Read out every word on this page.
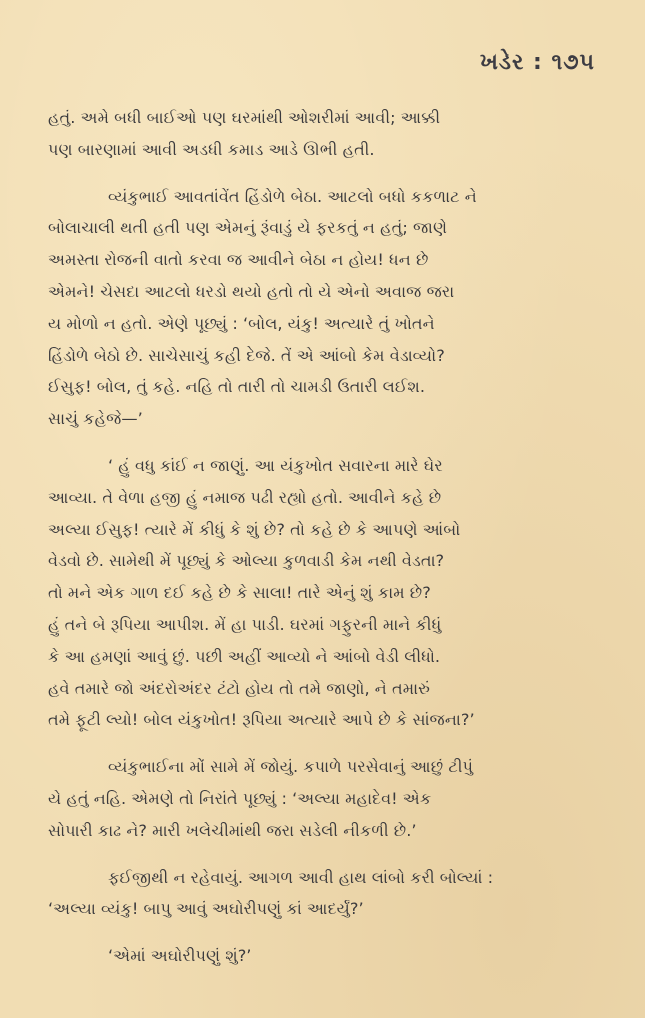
ખડેર : ૧૭૫

હતું. અમે બધી બાઈઓ પણ ઘરમાંથી ઓશરીમાં આવી; આક્કી
પણ બારણામાં આવી અડધી કમાડ આડે ઊભી હતી.

વ્યંકુભાઈ આવતાંવેંત હિંડોળે બેઠા. આટલો બધો કકળાટ ને
બોલાચાલી થતી હતી પણ એમનું રૂંવાડું યે ફરકતું ન હતું; જાણે
અમસ્તા રોજની વાતો કરવા જ આવીને બેઠા ન હોય! ધન છે
એમને! ચેસદા આટલો ધરડો થયો હતો તો યે એનો અવાજ જરા
ય મોળો ન હતો. એણે પૂછ્યું : ‘બોલ, યંકુ! અત્યારે તું ખોતને
હિંડોળે બેઠો છે. સાચેસાચું કહી દેજે. તેં એ આંબો કેમ વેડાવ્યો?
ઈસુફ! બોલ, તું કહે. નહિ તો તારી તો ચામડી ઉતારી લઈશ.
સાચું કહેજે—’

‘ હું વધુ કાંઈ ન જાણું. આ યંકુખોત સવારના મારે ઘેર
આવ્યા. તે વેળા હજી હું નમાજ પઢી રહ્યો હતો. આવીને કહે છે
અલ્યા ઈસુફ! ત્યારે મેં કીધું કે શું છે? તો કહે છે કે આપણે આંબો
વેડવો છે. સામેથી મેં પૂછ્યું કે ઓલ્યા કુળવાડી કેમ નથી વેડતા?
તો મને એક ગાળ દઈ કહે છે કે સાલા! તારે એનું શું કામ છે?
હું તને બે રૂપિયા આપીશ. મેં હા પાડી. ઘરમાં ગફુરની માને કીધું
કે આ હમણાં આવું છું. પછી અહીં આવ્યો ને આંબો વેડી લીધો.
હવે તમારે જો અંદરોઅંદર ટંટો હોય તો તમે જાણો, ને તમારું
તમે ફૂટી લ્યો! બોલ યંકુખોત! રૂપિયા અત્યારે આપે છે કે સાંજના?’

વ્યંકુભાઈના મોં સામે મેં જોયું. કપાળે પરસેવાનું આછું ટીપું
યે હતું નહિ. એમણે તો નિરાંતે પૂછ્યું : ‘અલ્યા મહાદેવ! એક
સોપારી કાઢ ને? મારી ખલેચીમાંથી જરા સડેલી નીકળી છે.’

ફઈજીથી ન રહેવાયું. આગળ આવી હાથ લાંબો કરી બોલ્યાં :
‘અલ્યા વ્યંકુ! બાપુ આવું અઘોરીપણું કાં આદર્યું?’

‘એમાં અઘોરીપણું શું?’
